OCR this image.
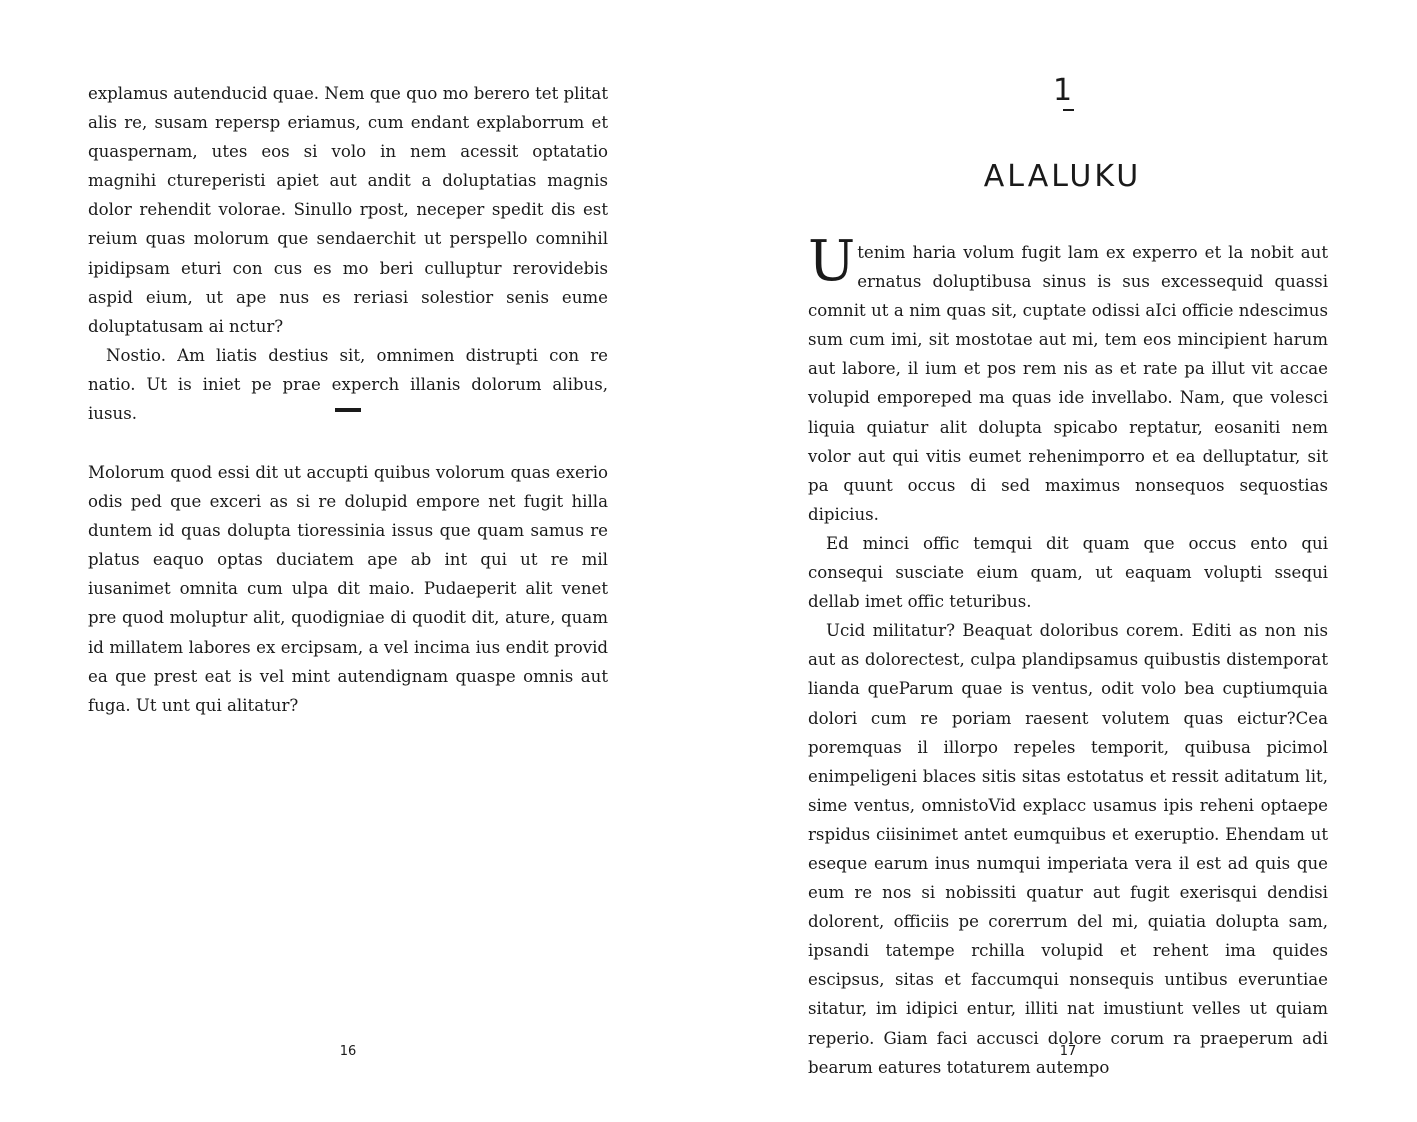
explamus autenducid quae. Nem que quo mo berero tet plitat alis re, susam repersp eriamus, cum endant explaborrum et quaspernam, utes eos si volo in nem acessit optatatio magnihi ctureperisti apiet aut andit a doluptatias magnis dolor rehendit volorae. Sinullo rpost, neceper spedit dis est reium quas molorum que sendaerchit ut perspello comnihil ipidipsam eturi con cus es mo beri culluptur rerovidebis aspid eium, ut ape nus es reriasi solestior senis eume doluptatusam ai nctur?

Nostio. Am liatis destius sit, omnimen distrupti con re natio. Ut is iniet pe prae experch illanis dolorum alibus, iusus.

Molorum quod essi dit ut accupti quibus volorum quas exerio odis ped que exceri as si re dolupid empore net fugit hilla duntem id quas dolupta tioressinia issus que quam samus re platus eaquo optas duciatem ape ab int qui ut re mil iusanimet omnita cum ulpa dit maio. Pudaeperit alit venet pre quod moluptur alit, quodigniae di quodit dit, ature, quam id millatem labores ex ercipsam, a vel incima ius endit provid ea que prest eat is vel mint autendignam quaspe omnis aut fuga. Ut unt qui alitatur?

16
1
ALALUKU

Utenim haria volum fugit lam ex experro et la nobit aut ernatus doluptibusa sinus is sus excessequid quassi comnit ut a nim quas sit, cuptate odissi aIci officie ndescimus sum cum imi, sit mostotae aut mi, tem eos mincipient harum aut labore, il ium et pos rem nis as et rate pa illut vit accae volupid emporeped ma quas ide invellabo. Nam, que volesci liquia quiatur alit dolupta spicabo reptatur, eosaniti nem volor aut qui vitis eumet rehenimporro et ea delluptatur, sit pa quunt occus di sed maximus nonsequos sequostias dipicius.

Ed minci offic temqui dit quam que occus ento qui consequi susciate eium quam, ut eaquam volupti ssequi dellab imet offic teturibus.

Ucid militatur? Beaquat doloribus corem. Editi as non nis aut as dolorectest, culpa plandipsamus quibustis distemporat lianda queParum quae is ventus, odit volo bea cuptiumquia dolori cum re poriam raesent volutem quas eictur?Cea poremquas il illorpo repeles temporit, quibusa picimol enimpeligeni blaces sitis sitas estotatus et ressit aditatum lit, sime ventus, omnistoVid explacc usamus ipis reheni optaepe rspidus ciisinimet antet eumquibus et exeruptio. Ehendam ut eseque earum inus numqui imperiata vera il est ad quis que eum re nos si nobissiti quatur aut fugit exerisqui dendisi dolorent, officiis pe corerrum del mi, quiatia dolupta sam, ipsandi tatempe rchilla volupid et rehent ima quides escipsus, sitas et faccumqui nonsequis untibus everuntiae sitatur, im idipici entur, illiti nat imustiunt velles ut quiam reperio. Giam faci accusci dolore corum ra praeperum adi bearum eatures totaturem autempo

17
